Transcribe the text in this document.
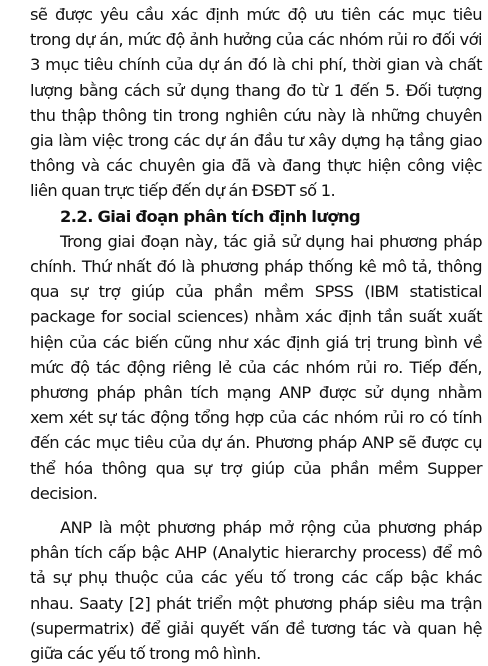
sẽ được yêu cầu xác định mức độ ưu tiên các mục tiêu trong dự án, mức độ ảnh hưởng của các nhóm rủi ro đối với 3 mục tiêu chính của dự án đó là chi phí, thời gian và chất lượng bằng cách sử dụng thang đo từ 1 đến 5. Đối tượng thu thập thông tin trong nghiên cứu này là những chuyên gia làm việc trong các dự án đầu tư xây dựng hạ tầng giao thông và các chuyên gia đã và đang thực hiện công việc liên quan trực tiếp đến dự án ĐSĐT số 1.

2.2. Giai đoạn phân tích định lượng

Trong giai đoạn này, tác giả sử dụng hai phương pháp chính. Thứ nhất đó là phương pháp thống kê mô tả, thông qua sự trợ giúp của phần mềm SPSS (IBM statistical package for social sciences) nhằm xác định tần suất xuất hiện của các biến cũng như xác định giá trị trung bình về mức độ tác động riêng lẻ của các nhóm rủi ro. Tiếp đến, phương pháp phân tích mạng ANP được sử dụng nhằm xem xét sự tác động tổng hợp của các nhóm rủi ro có tính đến các mục tiêu của dự án. Phương pháp ANP sẽ được cụ thể hóa thông qua sự trợ giúp của phần mềm Supper decision.

ANP là một phương pháp mở rộng của phương pháp phân tích cấp bậc AHP (Analytic hierarchy process) để mô tả sự phụ thuộc của các yếu tố trong các cấp bậc khác nhau. Saaty [2] phát triển một phương pháp siêu ma trận (supermatrix) để giải quyết vấn đề tương tác và quan hệ giữa các yếu tố trong mô hình.
